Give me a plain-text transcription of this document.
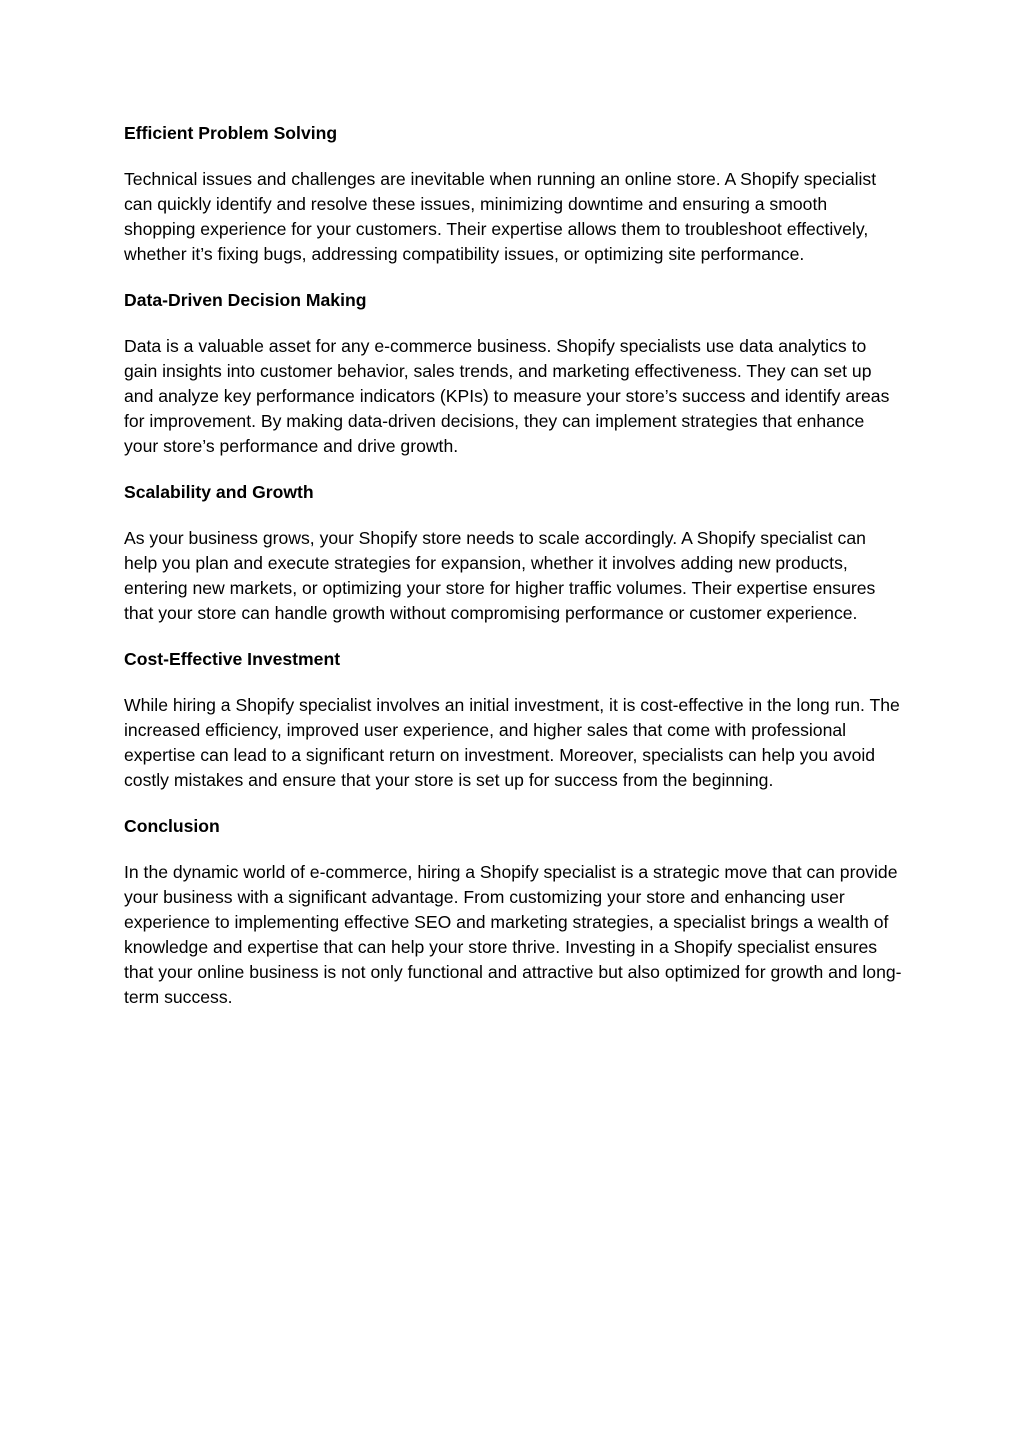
Efficient Problem Solving

Technical issues and challenges are inevitable when running an online store. A Shopify specialist can quickly identify and resolve these issues, minimizing downtime and ensuring a smooth shopping experience for your customers. Their expertise allows them to troubleshoot effectively, whether it’s fixing bugs, addressing compatibility issues, or optimizing site performance.

Data-Driven Decision Making

Data is a valuable asset for any e-commerce business. Shopify specialists use data analytics to gain insights into customer behavior, sales trends, and marketing effectiveness. They can set up and analyze key performance indicators (KPIs) to measure your store’s success and identify areas for improvement. By making data-driven decisions, they can implement strategies that enhance your store’s performance and drive growth.

Scalability and Growth

As your business grows, your Shopify store needs to scale accordingly. A Shopify specialist can help you plan and execute strategies for expansion, whether it involves adding new products, entering new markets, or optimizing your store for higher traffic volumes. Their expertise ensures that your store can handle growth without compromising performance or customer experience.

Cost-Effective Investment

While hiring a Shopify specialist involves an initial investment, it is cost-effective in the long run. The increased efficiency, improved user experience, and higher sales that come with professional expertise can lead to a significant return on investment. Moreover, specialists can help you avoid costly mistakes and ensure that your store is set up for success from the beginning.

Conclusion

In the dynamic world of e-commerce, hiring a Shopify specialist is a strategic move that can provide your business with a significant advantage. From customizing your store and enhancing user experience to implementing effective SEO and marketing strategies, a specialist brings a wealth of knowledge and expertise that can help your store thrive. Investing in a Shopify specialist ensures that your online business is not only functional and attractive but also optimized for growth and long-term success.
